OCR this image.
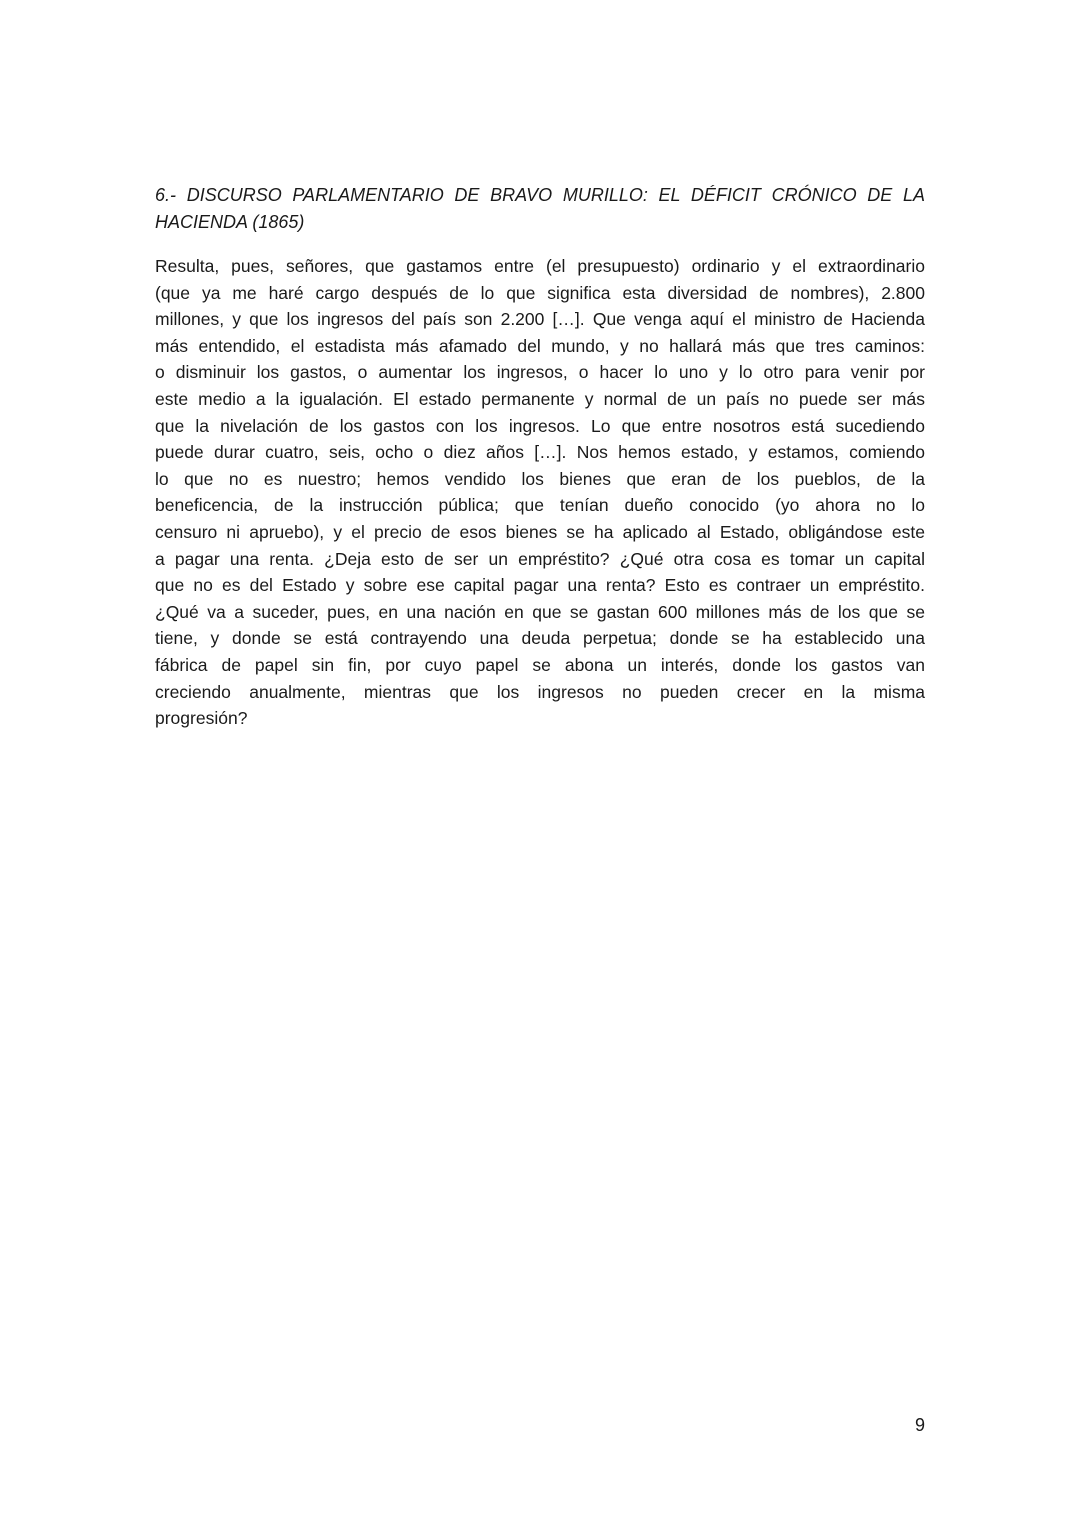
6.- DISCURSO PARLAMENTARIO DE BRAVO MURILLO: EL DÉFICIT CRÓNICO DE LA
HACIENDA (1865)
Resulta, pues, señores, que gastamos entre (el presupuesto) ordinario y el extraordinario
(que ya me haré cargo después de lo que significa esta diversidad de nombres), 2.800
millones, y que los ingresos del país son 2.200 […]. Que venga aquí el ministro de Hacienda
más entendido, el estadista más afamado del mundo, y no hallará más que tres caminos:
o disminuir los gastos, o aumentar los ingresos, o hacer lo uno y lo otro para venir por
este medio a la igualación. El estado permanente y normal de un país no puede ser más
que la nivelación de los gastos con los ingresos. Lo que entre nosotros está sucediendo
puede durar cuatro, seis, ocho o diez años […]. Nos hemos estado, y estamos, comiendo
lo que no es nuestro; hemos vendido los bienes que eran de los pueblos, de la
beneficencia, de la instrucción pública; que tenían dueño conocido (yo ahora no lo
censuro ni apruebo), y el precio de esos bienes se ha aplicado al Estado, obligándose este
a pagar una renta. ¿Deja esto de ser un empréstito? ¿Qué otra cosa es tomar un capital
que no es del Estado y sobre ese capital pagar una renta? Esto es contraer un empréstito.
¿Qué va a suceder, pues, en una nación en que se gastan 600 millones más de los que se
tiene, y donde se está contrayendo una deuda perpetua; donde se ha establecido una
fábrica de papel sin fin, por cuyo papel se abona un interés, donde los gastos van
creciendo anualmente, mientras que los ingresos no pueden crecer en la misma
progresión?
9
